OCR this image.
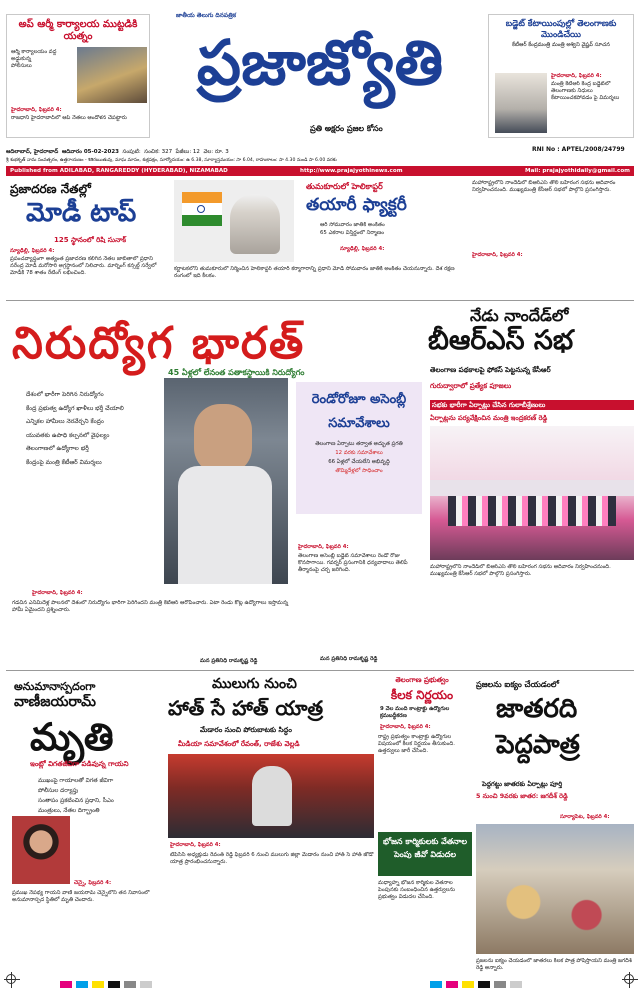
అప్ ఆర్మీ కార్యాలయ ముట్టడికి యత్నం
ఆర్మీ కార్యాలయం వద్ద
అడ్డుకున్న
పోలీసులు
హైదరాబాద్, ఫిబ్రవరి 4:
రాజధాని హైదరాబాద్‌లో ఆప్ నేతలు ఆందోళన చేపట్టారు
జాతీయ తెలుగు దినపత్రిక
ప్రజాజ్యోతి
ప్రతి అక్షరం ప్రజల కోసం
బడ్జెట్ కేటాయింపుల్లో తెలంగాణకు మొండిచేయి
కేటీఆర్ కేంద్రమంత్రి మంత్రి అశ్విని వైష్ణవ్ సూచన
హైదరాబాద్, ఫిబ్రవరి 4:
మంత్రి కేటీఆర్ కేంద్ర బడ్జెట్‌లో తెలంగాణకు నిధులు కేటాయించకపోవడం పై విమర్శలు
RNI No : APTEL/2008/24799
ఆదిలాబాద్, హైదరాబాద్ ఆదివారం 05-02-2023 సంపుటి: సంచిక: 327 పేజీలు: 12 వెల: రూ. 3
శ్రీ శుభకృత్ నామ సంవత్సరం, ఉత్తరాయణం - శిశిరఋతువు, మాఘ మాసం, శుక్లపక్షం, సూర్యోదయం: ఉ 6.38, సూర్యాస్తమయం: సా 6.04, రాహుకాలం: సా 4.30 నుండి సా 6.00 వరకు
Published from ADILABAD, RANGAREDDY (HYDERABAD), NIZAMABAD	http://www.prajajyothinews.com	Mail: prajajyothidaily@gmail.com
ప్రజాదరణ నేతల్లో
మోడీ టాప్
125 స్థానంలో రిషి సునాక్
న్యూఢిల్లీ, ఫిబ్రవరి 4:
ప్రపంచవ్యాప్తంగా అత్యంత ప్రజాదరణ కలిగిన నేతల జాబితాలో ప్రధాని నరేంద్ర మోడీ మరోసారి అగ్రస్థానంలో నిలిచారు. మార్నింగ్ కన్సల్ట్ సర్వేలో మోడీకి 78 శాతం రేటింగ్ లభించింది.
తుమకూరులో హెలికాప్టర్
తయారీ ఫ్యాక్టరీ
ఆరీ సోమవారం జాతికి అంకితం
65 ఎకరాల విస్తీర్ణంలో నిర్మాణం
న్యూఢిల్లీ, ఫిబ్రవరి 4:
కర్ణాటకలోని తుమకూరులో నిర్మించిన హెలికాప్టర్ తయారీ కర్మాగారాన్ని ప్రధాని మోడీ సోమవారం జాతికి అంకితం చేయనున్నారు. దేశ రక్షణ రంగంలో ఇది కీలకం.
మహారాష్ట్రలోని నాందేడ్‌లో బీఆర్ఎస్ తొలి బహిరంగ సభను ఆదివారం నిర్వహించనుంది. ముఖ్యమంత్రి కేసీఆర్ సభలో పాల్గొని ప్రసంగిస్తారు.
హైదరాబాద్, ఫిబ్రవరి 4:
నిరుద్యోగ భారత్
45 ఏళ్లలో లేనంత పతాకస్థాయికి నిరుద్యోగం
దేశంలో భారీగా పెరిగిన నిరుద్యోగం
కేంద్ర ప్రభుత్వ ఉద్యోగ ఖాళీలు భర్తీ చేయాలి
ఎన్నికల హామీలు నెరవేర్చని కేంద్రం
యువతకు ఉపాధి కల్పనలో వైఫల్యం
తెలంగాణలో ఉద్యోగాల భర్తీ
కేంద్రంపై మంత్రి కేటీఆర్ విమర్శలు
హైదరాబాద్, ఫిబ్రవరి 4:
గడచిన ఎనిమిదేళ్ల పాలనలో దేశంలో నిరుద్యోగం భారీగా పెరిగిందని మంత్రి కేటీఆర్ ఆరోపించారు. ఏటా రెండు కోట్ల ఉద్యోగాలు ఇస్తామన్న హామీ ఏమైందని ప్రశ్నించారు.
మన ప్రతినిధి రామకృష్ణ రెడ్డి
రెండోరోజూ అసెంబ్లీ సమావేశాలు
తెలంగాణ ఏర్పాటు తర్వాత అద్భుత ప్రగతి
12 వరకు సమావేశాలు
66 ఏళ్లలో చేయలేని అభివృద్ధి
తొమ్మిదేళ్లలో సాధించాం
హైదరాబాద్, ఫిబ్రవరి 4:
తెలంగాణ అసెంబ్లీ బడ్జెట్ సమావేశాలు రెండో రోజు కొనసాగాయి. గవర్నర్ ప్రసంగానికి ధన్యవాదాలు తెలిపే తీర్మానంపై చర్చ జరిగింది.
మన ప్రతినిధి రామకృష్ణ రెడ్డి
నేడు నాందేడ్‌లో
బీఆర్ఎస్ సభ
తెలంగాణ పథకాలపై ఫోకస్ పెట్టనున్న కేసీఆర్
గురుద్వారాలో ప్రత్యేక పూజలు
సభకు భారీగా ఏర్పాట్లు చేసిన గులాబీశ్రేణులు
ఏర్పాట్లను పర్యవేక్షించిన మంత్రి ఇంద్రకరణ్ రెడ్డి
మహారాష్ట్రలోని నాందేడ్‌లో బీఆర్ఎస్ తొలి బహిరంగ సభను ఆదివారం నిర్వహించనుంది. ముఖ్యమంత్రి కేసీఆర్ సభలో పాల్గొని ప్రసంగిస్తారు.
అనుమానాస్పదంగా
వాణీజయరామ్
మృతి
ఇంట్లో విగతజీవిగా పడివున్న గాయని
ముఖంపై గాయాలతో విగత జీవిగా
పోలీసుల దర్యాప్తు
సంతాపం ప్రకటించిన ప్రధాని, సీఎం
మంత్రులు, నేతల దిగ్భ్రాంతి
చెన్నై, ఫిబ్రవరి 4:
ప్రముఖ నేపథ్య గాయని వాణీ జయరామ్ చెన్నైలోని తన నివాసంలో అనుమానాస్పద స్థితిలో మృతి చెందారు.
ములుగు నుంచి
హాత్ సే హాత్ యాత్ర
మేడారం నుంచి పోరుబాటకు సిద్ధం
మీడియా సమావేశంలో రేవంత్, రాజేశు వెల్లడి
హైదరాబాద్, ఫిబ్రవరి 4:
టీపీసీసీ అధ్యక్షుడు రేవంత్ రెడ్డి ఫిబ్రవరి 6 నుంచి ములుగు జిల్లా మేడారం నుంచి హాత్ సే హాత్ జోడో యాత్ర ప్రారంభించనున్నారు.
తెలంగాణ ప్రభుత్వం
కీలక నిర్ణయం
9 వేల మంది కాంట్రాక్టు ఉద్యోగుల క్రమబద్ధీకరణ
హైదరాబాద్, ఫిబ్రవరి 4:
రాష్ట్ర ప్రభుత్వం కాంట్రాక్టు ఉద్యోగుల విషయంలో కీలక నిర్ణయం తీసుకుంది. ఉత్తర్వులు జారీ చేసింది.
భోజన కార్మికులకు వేతనాల పెంపు జీవో విడుదల
మధ్యాహ్న భోజన కార్మికుల వేతనాల పెంపునకు సంబంధించిన ఉత్తర్వులను ప్రభుత్వం విడుదల చేసింది.
ప్రజలను ఐక్యం చేయడంలో
జాతరది
పెద్దపాత్ర
పెద్దగట్టు జాతరకు ఏర్పాట్లు పూర్తి
5 నుంచి 9వరకు జాతర: జగదీశ్ రెడ్డి
సూర్యాపేట, ఫిబ్రవరి 4:
ప్రజలను ఐక్యం చేయడంలో జాతరలు కీలక పాత్ర పోషిస్తాయని మంత్రి జగదీశ్ రెడ్డి అన్నారు.
